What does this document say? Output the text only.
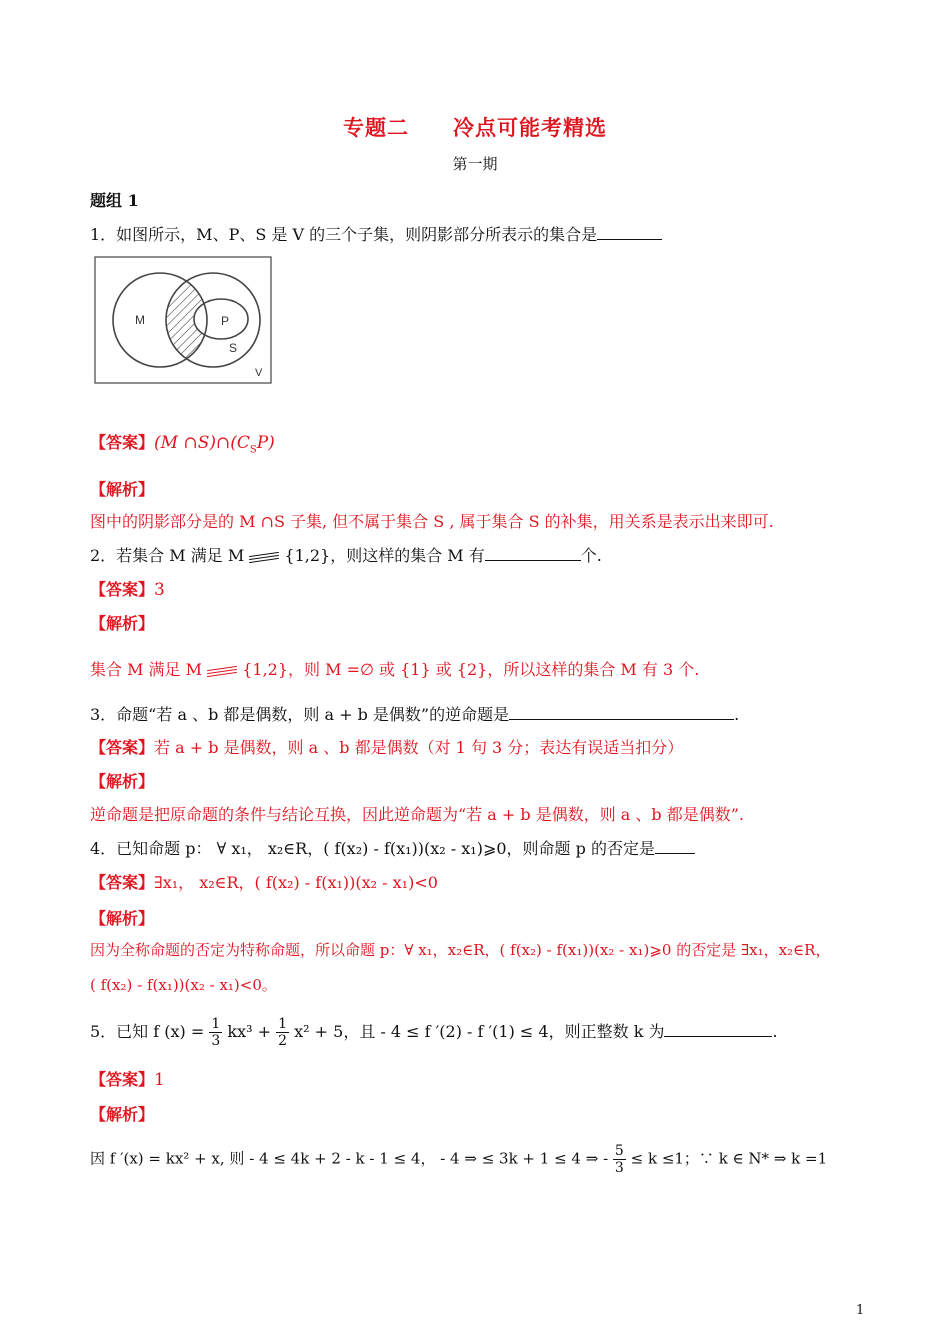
专题二　　冷点可能考精选
第一期
题组 1
1．如图所示，M、P、S 是 V 的三个子集，则阴影部分所表示的集合是
M	P
S
V
【答案】(M $\cap S)\cap(C_SP)$
【解析】
图中的阴影部分是的 M ∩S 子集, 但不属于集合 S , 属于集合 S 的补集，用关系是表示出来即可.
2．若集合 M 满足 M	{1,2}，则这样的集合 M 有	个.
【答案】3
【解析】
集合 M 满足 M	{1,2}，则 M =∅ 或 {1} 或 {2}，所以这样的集合 M 有 3 个.
3．命题“若 a 、b 都是偶数，则 a + b 是偶数”的逆命题是	.
【答案】若 a + b 是偶数，则 a 、b 都是偶数（对 1 句 3 分；表达有误适当扣分）
【解析】
逆命题是把原命题的条件与结论互换，因此逆命题为“若 a + b 是偶数，则 a 、b 都是偶数”.
4．已知命题 p： ∀ x₁， x₂∈R，( f(x₂) - f(x₁))(x₂ - x₁)⩾0，则命题 p 的否定是
【答案】∃x₁， x₂∈R，( f(x₂) - f(x₁))(x₂ - x₁)<0
【解析】
因为全称命题的否定为特称命题，所以命题 p：∀ x₁，x₂∈R，( f(x₂) - f(x₁))(x₂ - x₁)⩾0 的否定是 ∃x₁，x₂∈R，
( f(x₂) - f(x₁))(x₂ - x₁)<0。
5．已知 f $(x) = \frac{1}{3} kx^3 + \frac{1}{2} x^2 + 5$，且 - 4 ≤ f ′(2) - f ′(1) ≤ 4，则正整数 k 为	.
【答案】1
【解析】
因 f ′(x) = kx² + x, 则 - 4 ≤ 4k + 2 - k - 1 ≤ 4， - 4 ⇒ ≤ 3k + 1 ≤ 4 ⇒ - $\frac{5}{3} \le k \le 1$；∵ k ∈ N* ⇒ k =1
1
